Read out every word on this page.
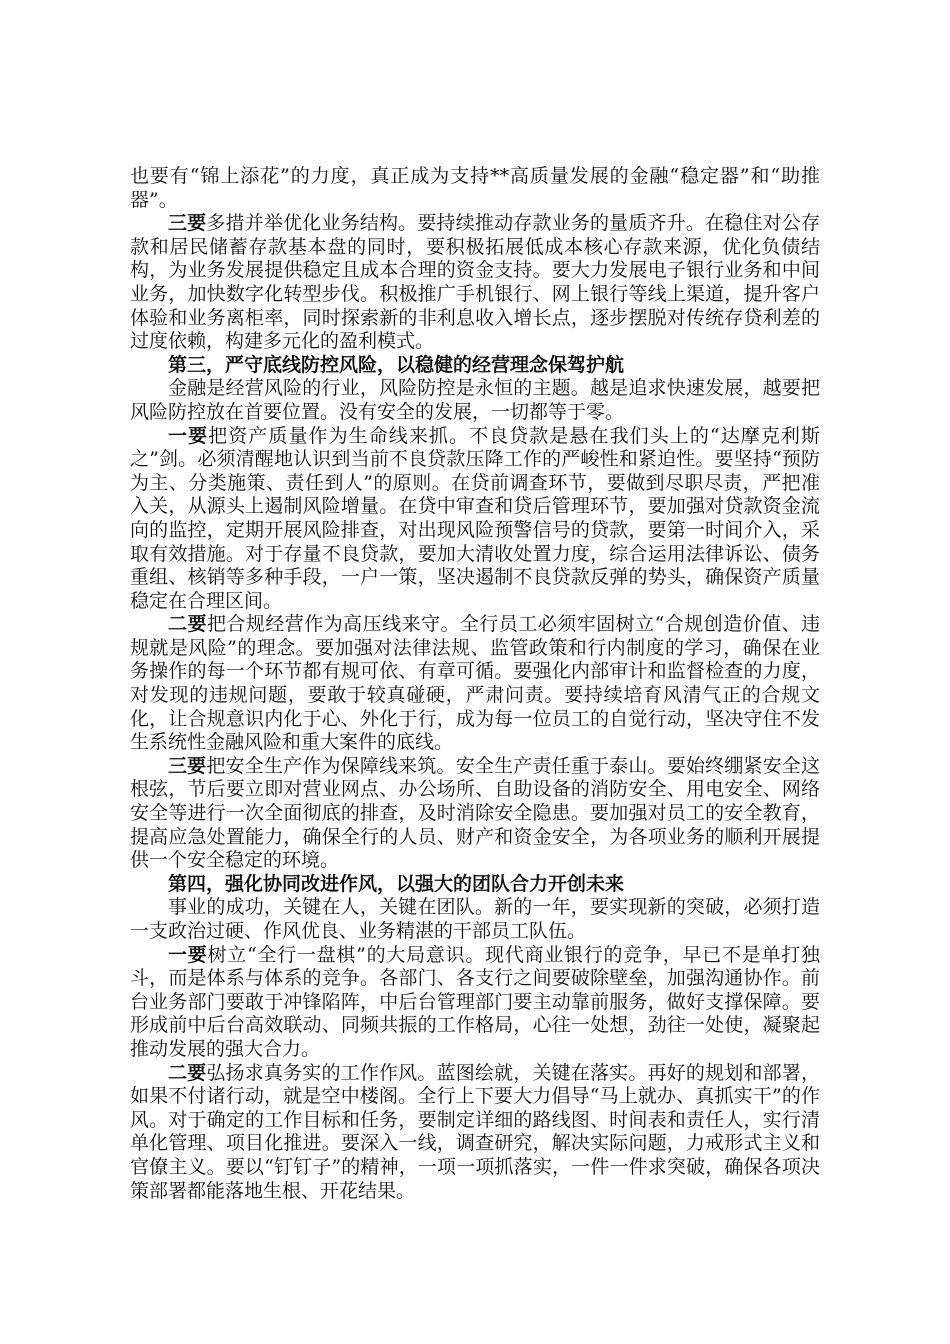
也要有“锦上添花”的力度，真正成为支持**高质量发展的金融“稳定器”和“助推器”。

三要多措并举优化业务结构。要持续推动存款业务的量质齐升。在稳住对公存款和居民储蓄存款基本盘的同时，要积极拓展低成本核心存款来源，优化负债结构，为业务发展提供稳定且成本合理的资金支持。要大力发展电子银行业务和中间业务，加快数字化转型步伐。积极推广手机银行、网上银行等线上渠道，提升客户体验和业务离柜率，同时探索新的非利息收入增长点，逐步摆脱对传统存贷利差的过度依赖，构建多元化的盈利模式。

第三，严守底线防控风险，以稳健的经营理念保驾护航

金融是经营风险的行业，风险防控是永恒的主题。越是追求快速发展，越要把风险防控放在首要位置。没有安全的发展，一切都等于零。

一要把资产质量作为生命线来抓。不良贷款是悬在我们头上的“达摩克利斯之”剑。必须清醒地认识到当前不良贷款压降工作的严峻性和紧迫性。要坚持“预防为主、分类施策、责任到人”的原则。在贷前调查环节，要做到尽职尽责，严把准入关，从源头上遏制风险增量。在贷中审查和贷后管理环节，要加强对贷款资金流向的监控，定期开展风险排查，对出现风险预警信号的贷款，要第一时间介入，采取有效措施。对于存量不良贷款，要加大清收处置力度，综合运用法律诉讼、债务重组、核销等多种手段，一户一策，坚决遏制不良贷款反弹的势头，确保资产质量稳定在合理区间。

二要把合规经营作为高压线来守。全行员工必须牢固树立“合规创造价值、违规就是风险”的理念。要加强对法律法规、监管政策和行内制度的学习，确保在业务操作的每一个环节都有规可依、有章可循。要强化内部审计和监督检查的力度，对发现的违规问题，要敢于较真碰硬，严肃问责。要持续培育风清气正的合规文化，让合规意识内化于心、外化于行，成为每一位员工的自觉行动，坚决守住不发生系统性金融风险和重大案件的底线。

三要把安全生产作为保障线来筑。安全生产责任重于泰山。要始终绷紧安全这根弦，节后要立即对营业网点、办公场所、自助设备的消防安全、用电安全、网络安全等进行一次全面彻底的排查，及时消除安全隐患。要加强对员工的安全教育，提高应急处置能力，确保全行的人员、财产和资金安全，为各项业务的顺利开展提供一个安全稳定的环境。

第四，强化协同改进作风，以强大的团队合力开创未来

事业的成功，关键在人，关键在团队。新的一年，要实现新的突破，必须打造一支政治过硬、作风优良、业务精湛的干部员工队伍。

一要树立“全行一盘棋”的大局意识。现代商业银行的竞争，早已不是单打独斗，而是体系与体系的竞争。各部门、各支行之间要破除壁垒，加强沟通协作。前台业务部门要敢于冲锋陷阵，中后台管理部门要主动靠前服务，做好支撑保障。要形成前中后台高效联动、同频共振的工作格局，心往一处想，劲往一处使，凝聚起推动发展的强大合力。

二要弘扬求真务实的工作作风。蓝图绘就，关键在落实。再好的规划和部署，如果不付诸行动，就是空中楼阁。全行上下要大力倡导“马上就办、真抓实干”的作风。对于确定的工作目标和任务，要制定详细的路线图、时间表和责任人，实行清单化管理、项目化推进。要深入一线，调查研究，解决实际问题，力戒形式主义和官僚主义。要以“钉钉子”的精神，一项一项抓落实，一件一件求突破，确保各项决策部署都能落地生根、开花结果。
